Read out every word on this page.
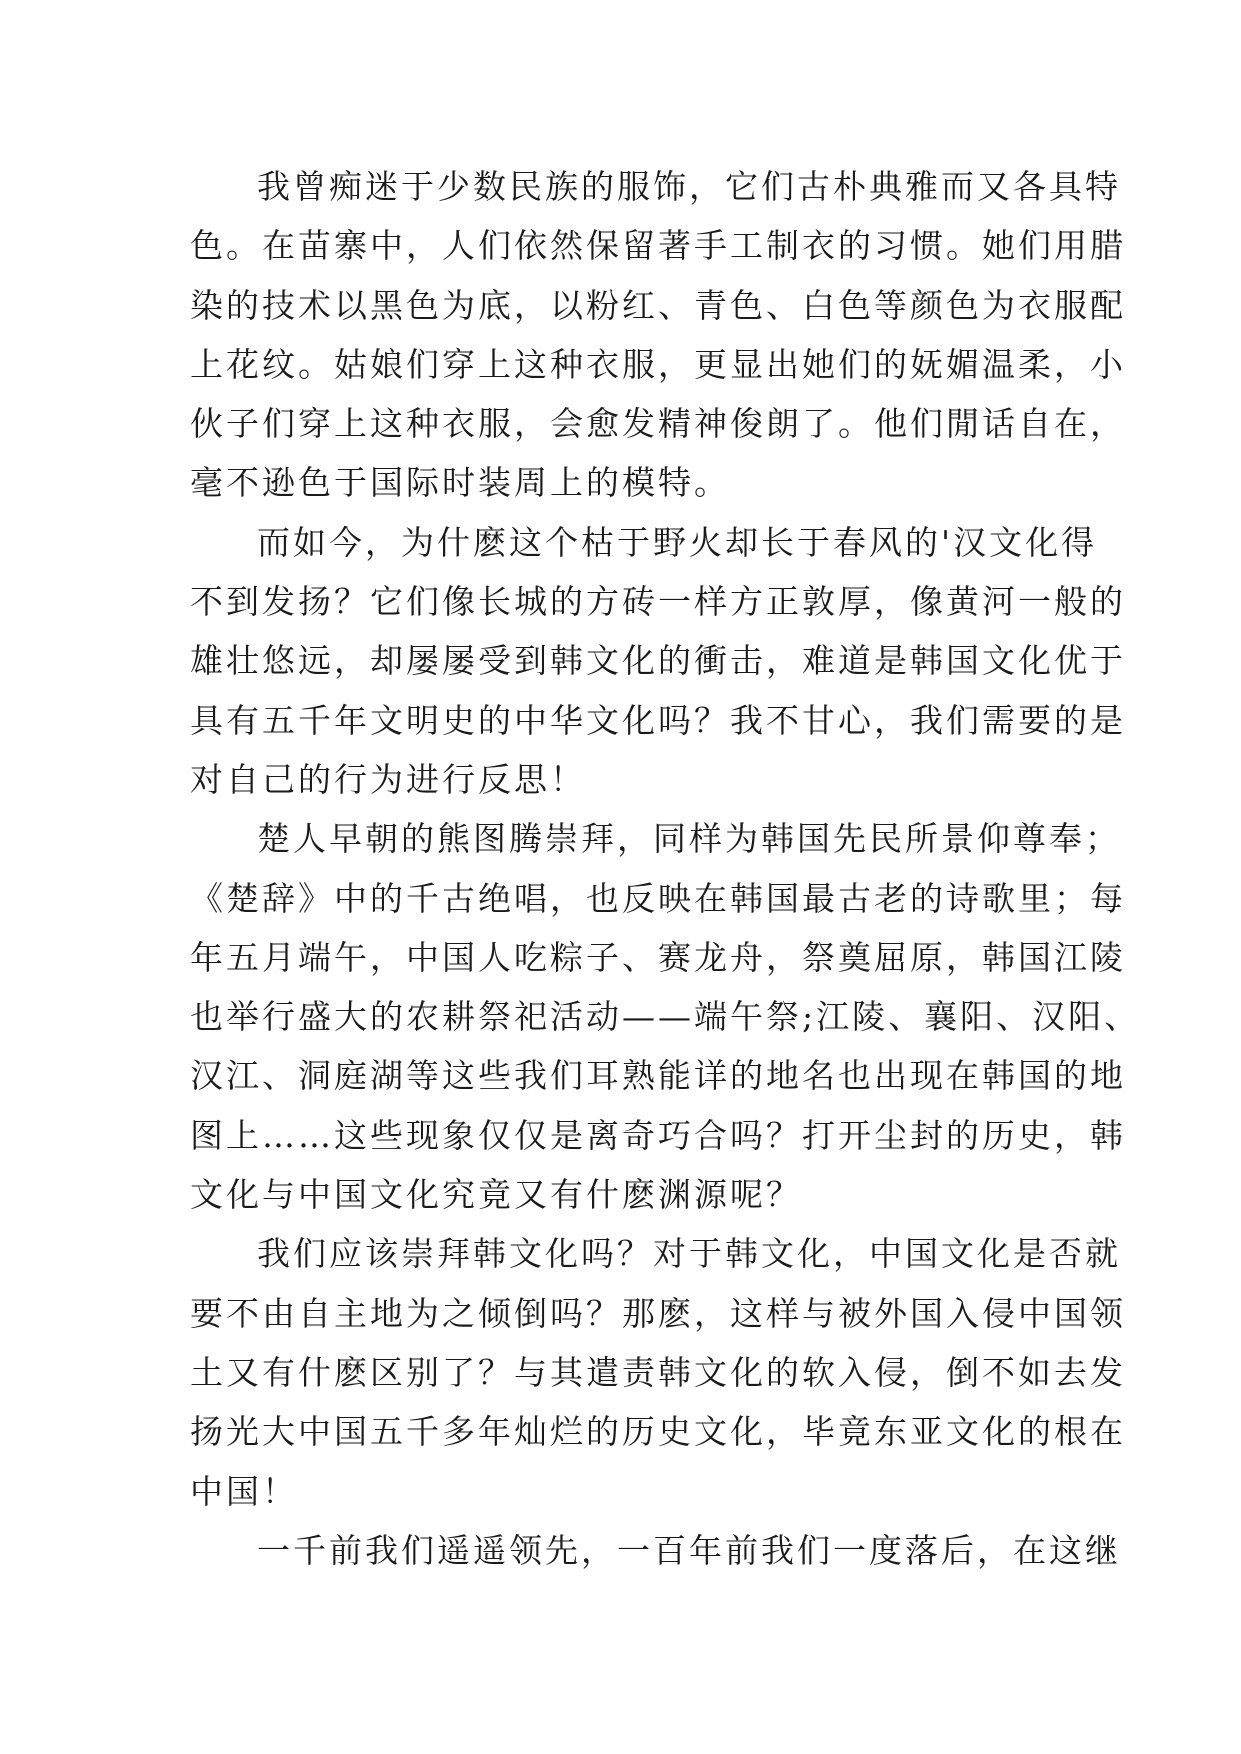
我曾痴迷于少数民族的服饰，它们古朴典雅而又各具特
色。在苗寨中，人们依然保留著手工制衣的习惯。她们用腊
染的技术以黑色为底，以粉红、青色、白色等颜色为衣服配
上花纹。姑娘们穿上这种衣服，更显出她们的妩媚温柔，小
伙子们穿上这种衣服，会愈发精神俊朗了。他们閒话自在，
毫不逊色于国际时装周上的模特。
而如今，为什麽这个枯于野火却长于春风的'汉文化得
不到发扬？它们像长城的方砖一样方正敦厚，像黄河一般的
雄壮悠远，却屡屡受到韩文化的衝击，难道是韩国文化优于
具有五千年文明史的中华文化吗？我不甘心，我们需要的是
对自己的行为进行反思！
楚人早朝的熊图腾崇拜，同样为韩国先民所景仰尊奉；
《楚辞》中的千古绝唱，也反映在韩国最古老的诗歌里；每
年五月端午，中国人吃粽子、赛龙舟，祭奠屈原，韩国江陵
也举行盛大的农耕祭祀活动——端午祭;江陵、襄阳、汉阳、
汉江、洞庭湖等这些我们耳熟能详的地名也出现在韩国的地
图上……这些现象仅仅是离奇巧合吗？打开尘封的历史，韩
文化与中国文化究竟又有什麽渊源呢？
我们应该崇拜韩文化吗？对于韩文化，中国文化是否就
要不由自主地为之倾倒吗？那麽，这样与被外国入侵中国领
土又有什麽区别了？与其遣责韩文化的软入侵，倒不如去发
扬光大中国五千多年灿烂的历史文化，毕竟东亚文化的根在
中国！
一千前我们遥遥领先，一百年前我们一度落后，在这继
